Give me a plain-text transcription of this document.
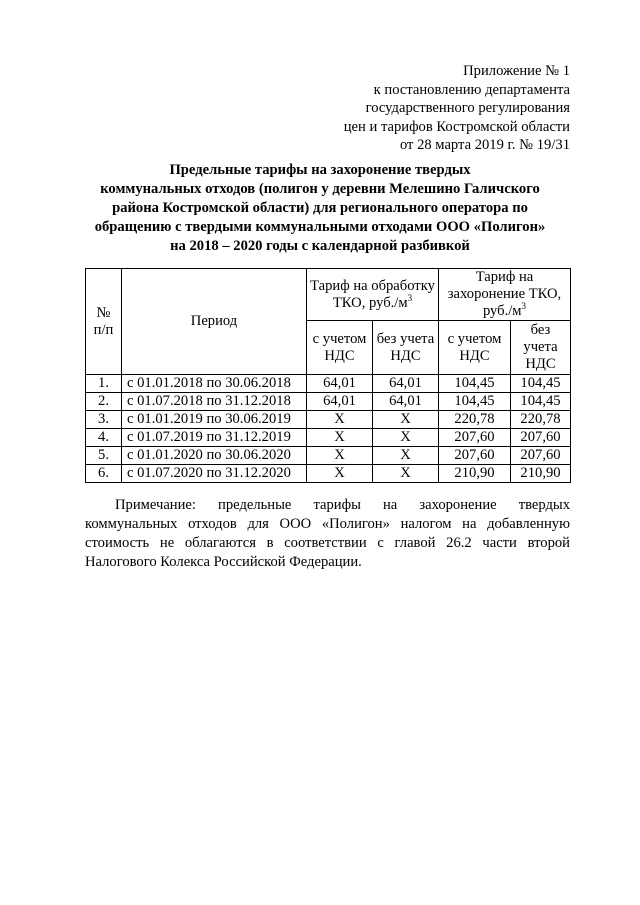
Приложение № 1
к постановлению департамента
государственного регулирования
цен и тарифов Костромской области
от 28 марта 2019 г. № 19/31
Предельные тарифы на захоронение твердых
коммунальных отходов (полигон у деревни Мелешино Галичского
района Костромской области) для регионального оператора по
обращению с твердыми коммунальными отходами ООО «Полигон»
на 2018 – 2020 годы с календарной разбивкой
№ п/п	Период	Тариф на обработку ТКО, $руб./м^3$		Тариф на захоронение ТКО, $руб./м^3$
		с учетом НДС	без учета НДС	с учетом НДС	без учета НДС
1.	с 01.01.2018 по 30.06.2018	64,01	64,01	104,45	104,45
2.	с 01.07.2018 по 31.12.2018	64,01	64,01	104,45	104,45
3.	с 01.01.2019 по 30.06.2019	Х	Х	220,78	220,78
4.	с 01.07.2019 по 31.12.2019	Х	Х	207,60	207,60
5.	с 01.01.2020 по 30.06.2020	Х	Х	207,60	207,60
6.	с 01.07.2020 по 31.12.2020	Х	Х	210,90	210,90
Примечание: предельные тарифы на захоронение твердых коммунальных отходов для ООО «Полигон» налогом на добавленную стоимость не облагаются в соответствии с главой 26.2 части второй Налогового Колекса Российской Федерации.
